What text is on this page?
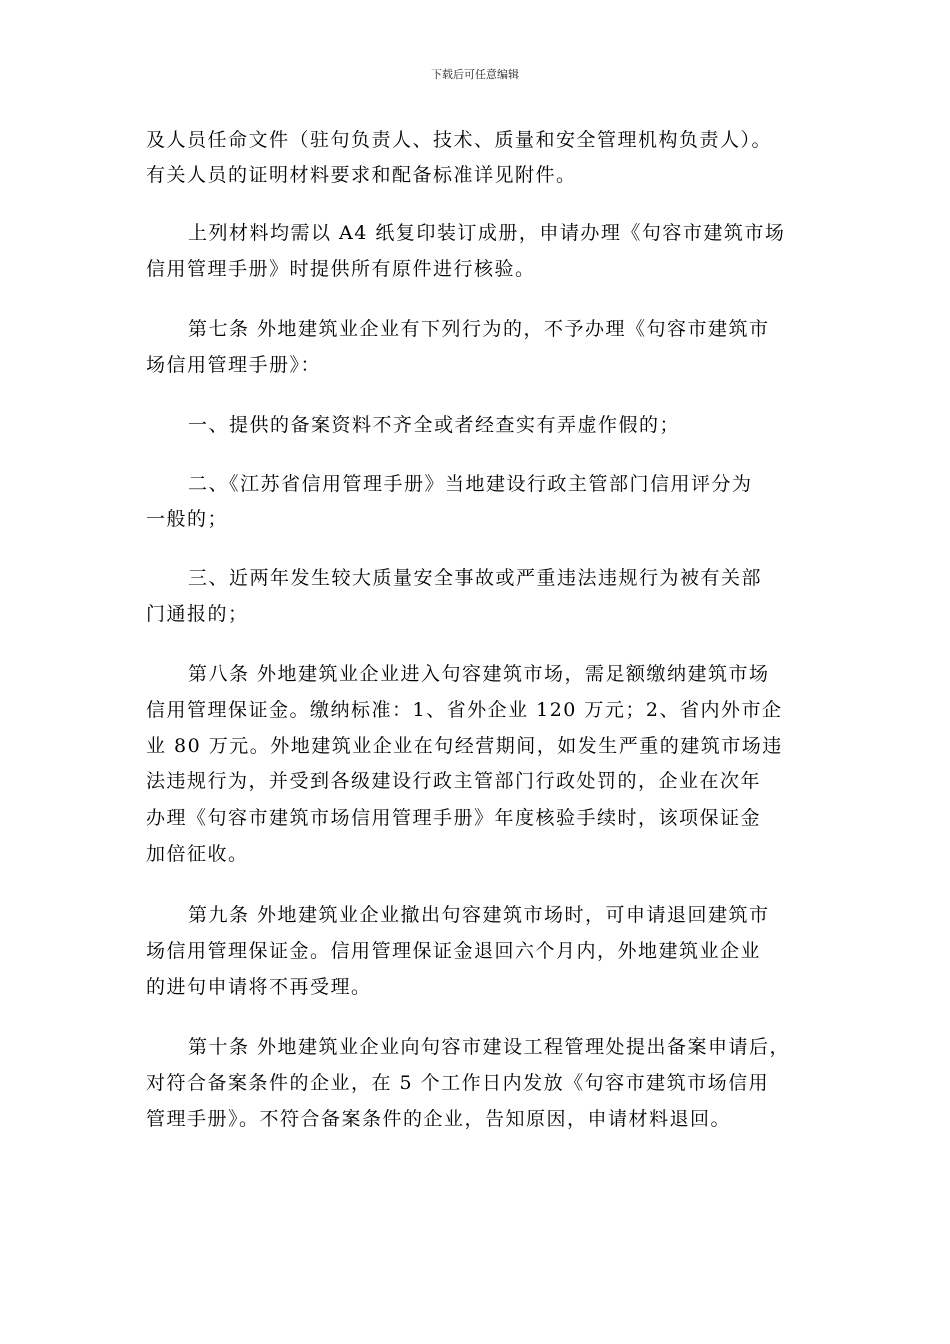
下载后可任意编辑
及人员任命文件（驻句负责人、技术、质量和安全管理机构负责人）。
有关人员的证明材料要求和配备标准详见附件。
上列材料均需以 A4 纸复印装订成册，申请办理《句容市建筑市场
信用管理手册》时提供所有原件进行核验。
第七条 外地建筑业企业有下列行为的，不予办理《句容市建筑市
场信用管理手册》：
一、提供的备案资料不齐全或者经查实有弄虚作假的；
二、《江苏省信用管理手册》当地建设行政主管部门信用评分为
一般的；
三、近两年发生较大质量安全事故或严重违法违规行为被有关部
门通报的；
第八条 外地建筑业企业进入句容建筑市场，需足额缴纳建筑市场
信用管理保证金。缴纳标准：1、省外企业 120 万元；2、省内外市企
业 80 万元。外地建筑业企业在句经营期间，如发生严重的建筑市场违
法违规行为，并受到各级建设行政主管部门行政处罚的，企业在次年
办理《句容市建筑市场信用管理手册》年度核验手续时，该项保证金
加倍征收。
第九条 外地建筑业企业撤出句容建筑市场时，可申请退回建筑市
场信用管理保证金。信用管理保证金退回六个月内，外地建筑业企业
的进句申请将不再受理。
第十条 外地建筑业企业向句容市建设工程管理处提出备案申请后，
对符合备案条件的企业，在 5 个工作日内发放《句容市建筑市场信用
管理手册》。不符合备案条件的企业，告知原因，申请材料退回。
